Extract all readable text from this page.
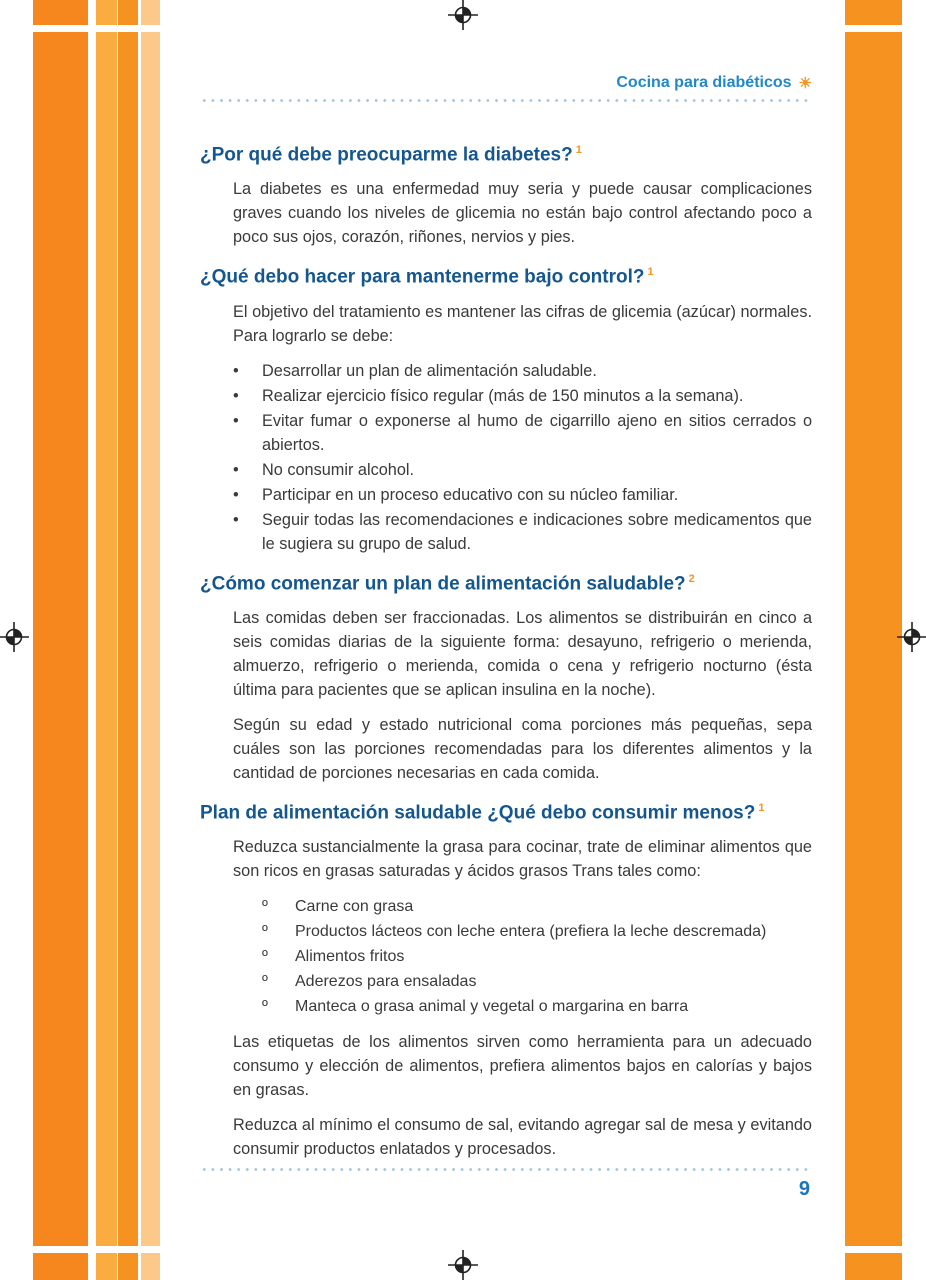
Cocina para diabéticos ☀
¿Por qué debe preocuparme la diabetes? $^1$

La diabetes es una enfermedad muy seria y puede causar complicaciones graves cuando los niveles de glicemia no están bajo control afectando poco a poco sus ojos, corazón, riñones, nervios y pies.

¿Qué debo hacer para mantenerme bajo control? $^1$

El objetivo del tratamiento es mantener las cifras de glicemia (azúcar) normales. Para lograrlo se debe:

•	Desarrollar un plan de alimentación saludable.
•	Realizar ejercicio físico regular (más de 150 minutos a la semana).
•	Evitar fumar o exponerse al humo de cigarrillo ajeno en sitios cerrados o abiertos.
•	No consumir alcohol.
•	Participar en un proceso educativo con su núcleo familiar.
•	Seguir todas las recomendaciones e indicaciones sobre medicamentos que le sugiera su grupo de salud.
¿Cómo comenzar un plan de alimentación saludable? $^2$

Las comidas deben ser fraccionadas. Los alimentos se distribuirán en cinco a seis comidas diarias de la siguiente forma: desayuno, refrigerio o merienda, almuerzo, refrigerio o merienda, comida o cena y refrigerio nocturno (ésta última para pacientes que se aplican insulina en la noche).

Según su edad y estado nutricional coma porciones más pequeñas, sepa cuáles son las porciones recomendadas para los diferentes alimentos y la cantidad de porciones necesarias en cada comida.

Plan de alimentación saludable ¿Qué debo consumir menos? $^1$

Reduzca sustancialmente la grasa para cocinar, trate de eliminar alimentos que son ricos en grasas saturadas y ácidos grasos Trans tales como:

º	Carne con grasa
º	Productos lácteos con leche entera (prefiera la leche descremada)
º	Alimentos fritos
º	Aderezos para ensaladas
º	Manteca o grasa animal y vegetal o margarina en barra

Las etiquetas de los alimentos sirven como herramienta para un adecuado consumo y elección de alimentos, prefiera alimentos bajos en calorías y bajos en grasas.

Reduzca al mínimo el consumo de sal, evitando agregar sal de mesa y evitando consumir productos enlatados y procesados.

9
